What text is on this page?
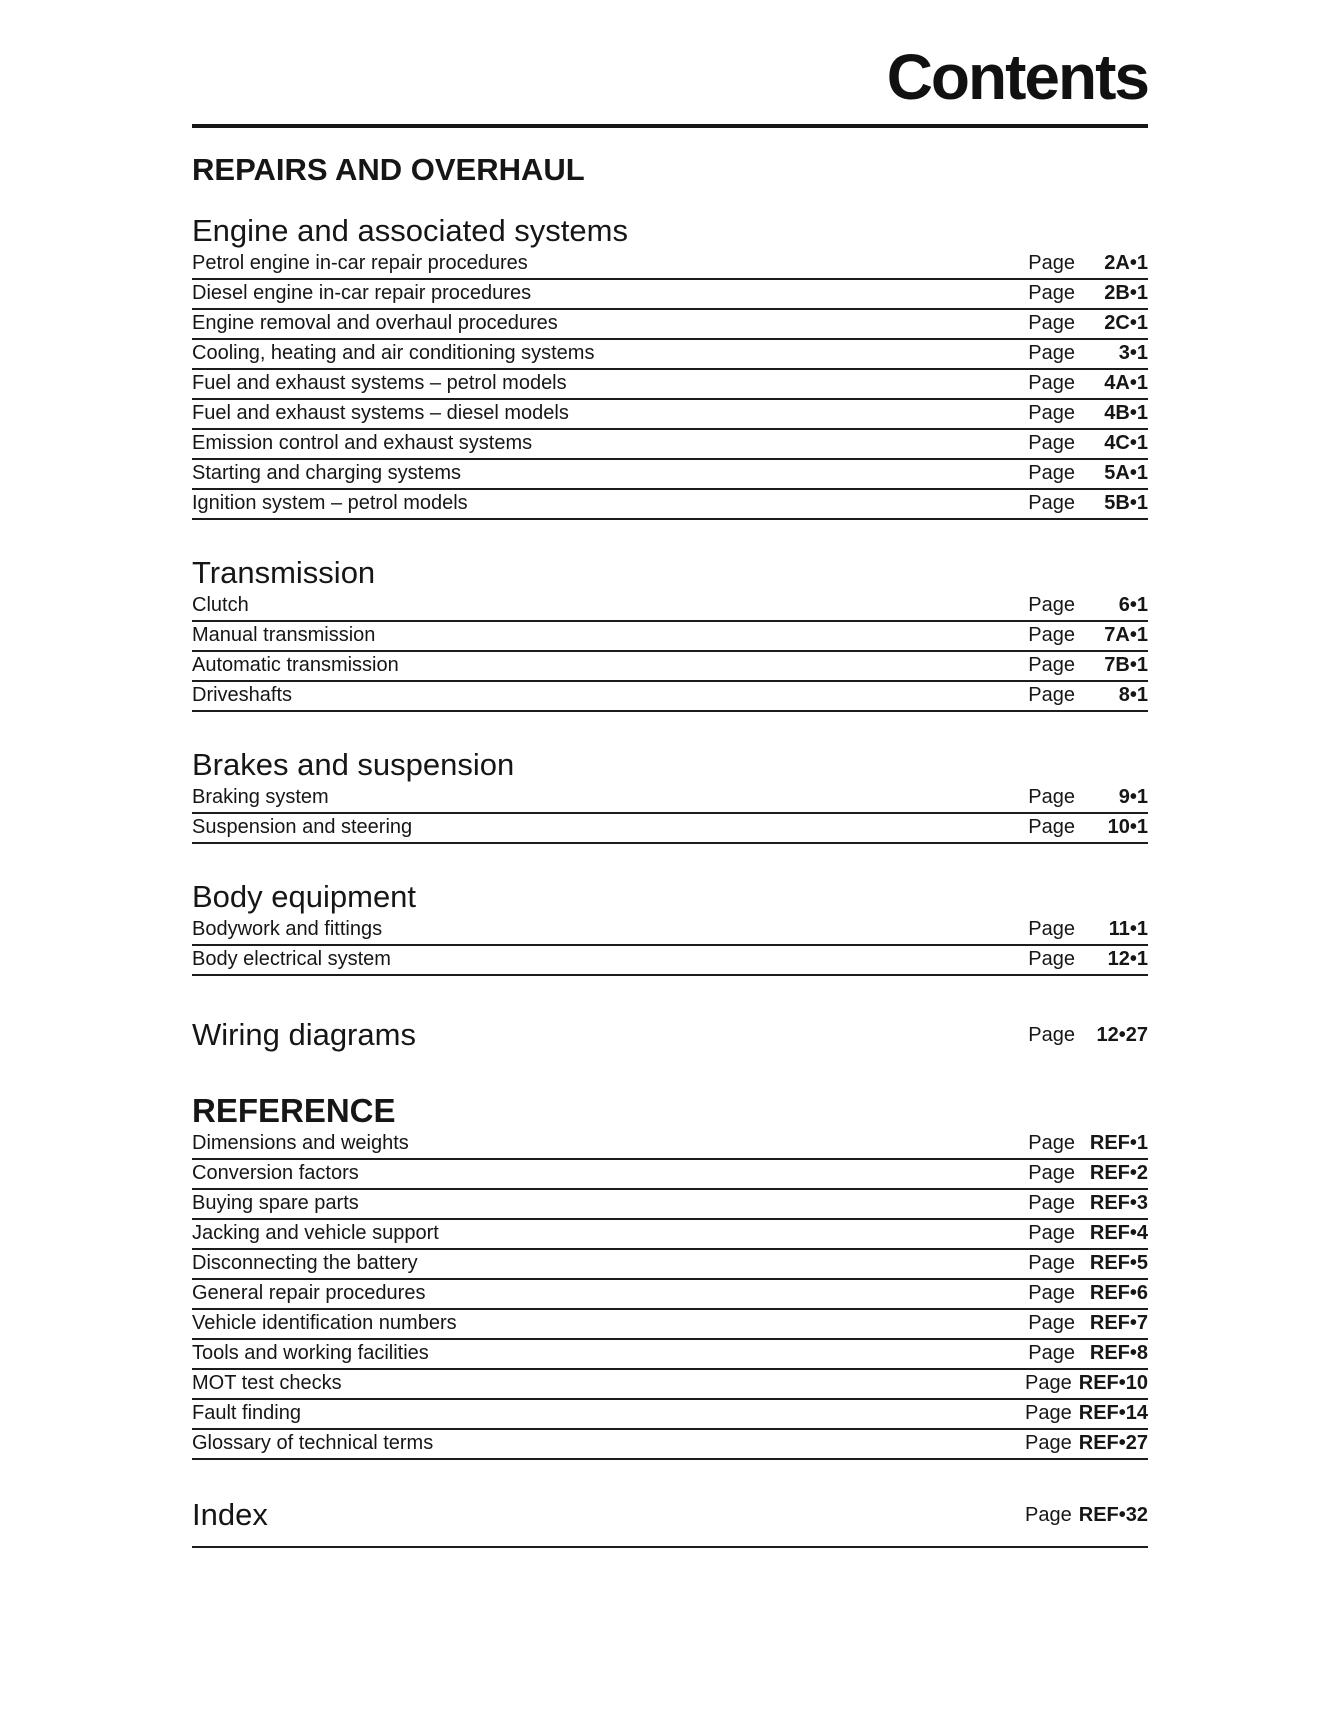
Contents
REPAIRS AND OVERHAUL
Engine and associated systems
Petrol engine in-car repair procedures	Page	2A•1
Diesel engine in-car repair procedures	Page	2B•1
Engine removal and overhaul procedures	Page	2C•1
Cooling, heating and air conditioning systems	Page	3•1
Fuel and exhaust systems – petrol models	Page	4A•1
Fuel and exhaust systems – diesel models	Page	4B•1
Emission control and exhaust systems	Page	4C•1
Starting and charging systems	Page	5A•1
Ignition system – petrol models	Page	5B•1
Transmission
Clutch	Page	6•1
Manual transmission	Page	7A•1
Automatic transmission	Page	7B•1
Driveshafts	Page	8•1
Brakes and suspension
Braking system	Page	9•1
Suspension and steering	Page	10•1
Body equipment
Bodywork and fittings	Page	11•1
Body electrical system	Page	12•1
Wiring diagrams	Page	12•27
REFERENCE
Dimensions and weights	Page REF•1
Conversion factors	Page REF•2
Buying spare parts	Page REF•3
Jacking and vehicle support	Page REF•4
Disconnecting the battery	Page REF•5
General repair procedures	Page REF•6
Vehicle identification numbers	Page REF•7
Tools and working facilities	Page REF•8
MOT test checks	Page REF•10
Fault finding	Page REF•14
Glossary of technical terms	Page REF•27
Index	Page REF•32
